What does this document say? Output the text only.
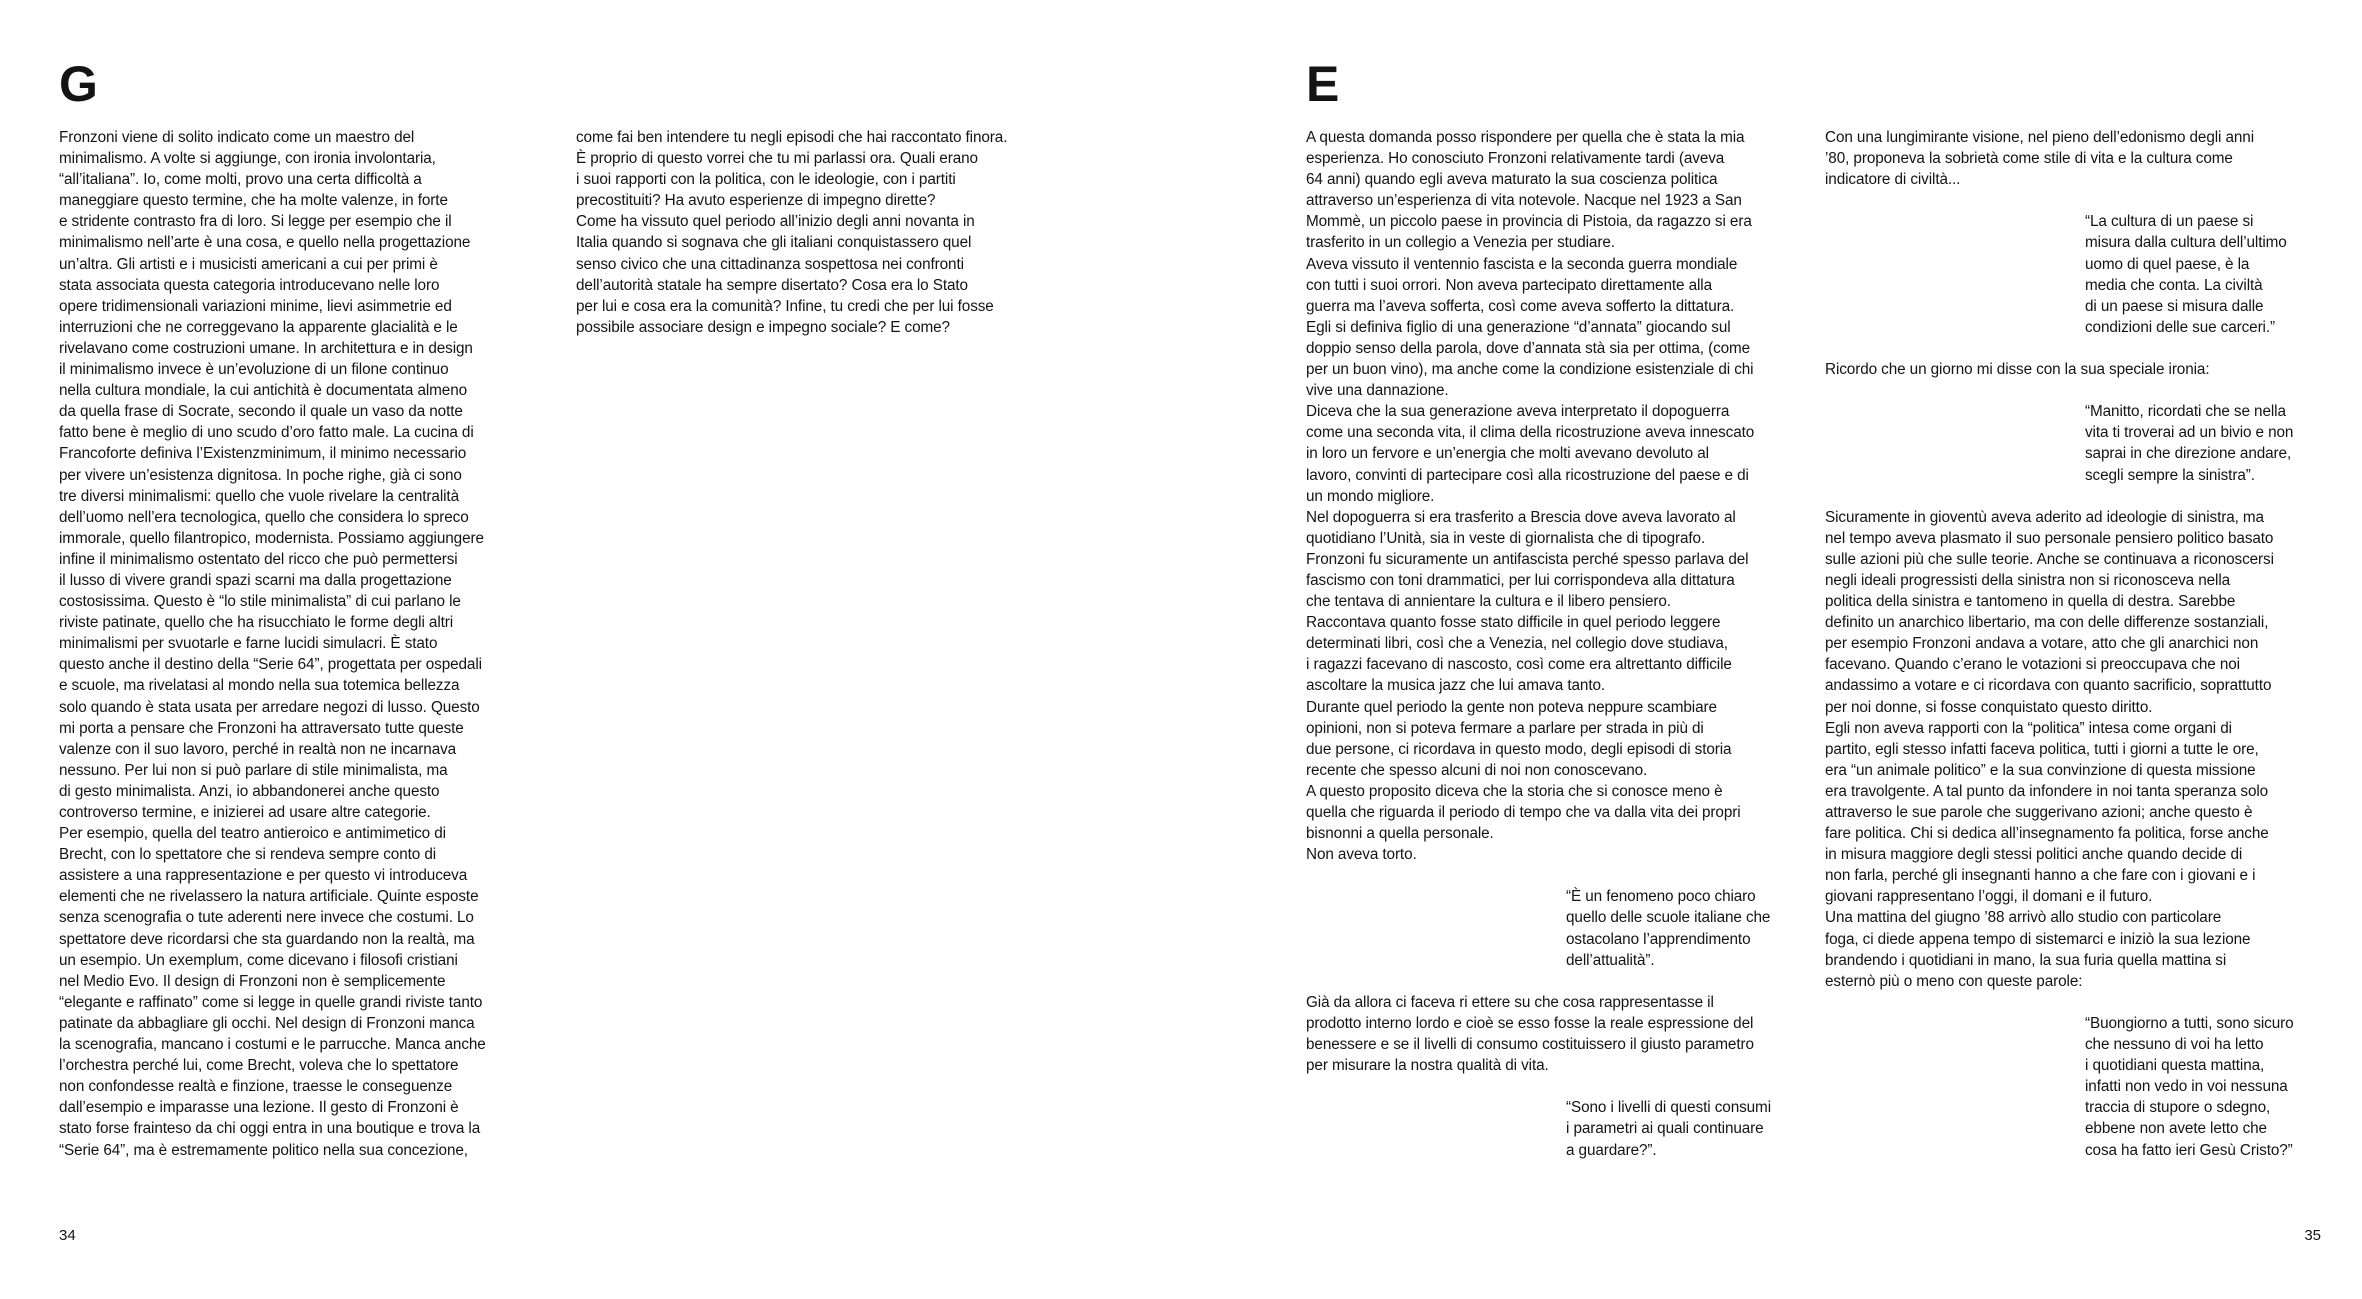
G

Fronzoni viene di solito indicato come un maestro del
minimalismo. A volte si aggiunge, con ironia involontaria,
“all’italiana”. Io, come molti, provo una certa difficoltà a
maneggiare questo termine, che ha molte valenze, in forte
e stridente contrasto fra di loro. Si legge per esempio che il
minimalismo nell’arte è una cosa, e quello nella progettazione
un’altra. Gli artisti e i musicisti americani a cui per primi è
stata associata questa categoria introducevano nelle loro
opere tridimensionali variazioni minime, lievi asimmetrie ed
interruzioni che ne correggevano la apparente glacialità e le
rivelavano come costruzioni umane. In architettura e in design
il minimalismo invece è un’evoluzione di un filone continuo
nella cultura mondiale, la cui antichità è documentata almeno
da quella frase di Socrate, secondo il quale un vaso da notte
fatto bene è meglio di uno scudo d’oro fatto male. La cucina di
Francoforte definiva l’Existenzminimum, il minimo necessario
per vivere un’esistenza dignitosa. In poche righe, già ci sono
tre diversi minimalismi: quello che vuole rivelare la centralità
dell’uomo nell’era tecnologica, quello che considera lo spreco
immorale, quello filantropico, modernista. Possiamo aggiungere
infine il minimalismo ostentato del ricco che può permettersi
il lusso di vivere grandi spazi scarni ma dalla progettazione
costosissima. Questo è “lo stile minimalista” di cui parlano le
riviste patinate, quello che ha risucchiato le forme degli altri
minimalismi per svuotarle e farne lucidi simulacri. È stato
questo anche il destino della “Serie 64”, progettata per ospedali
e scuole, ma rivelatasi al mondo nella sua totemica bellezza
solo quando è stata usata per arredare negozi di lusso. Questo
mi porta a pensare che Fronzoni ha attraversato tutte queste
valenze con il suo lavoro, perché in realtà non ne incarnava
nessuno. Per lui non si può parlare di stile minimalista, ma
di gesto minimalista. Anzi, io abbandonerei anche questo
controverso termine, e inizierei ad usare altre categorie.
Per esempio, quella del teatro antieroico e antimimetico di
Brecht, con lo spettatore che si rendeva sempre conto di
assistere a una rappresentazione e per questo vi introduceva
elementi che ne rivelassero la natura artificiale. Quinte esposte
senza scenografia o tute aderenti nere invece che costumi. Lo
spettatore deve ricordarsi che sta guardando non la realtà, ma
un esempio. Un exemplum, come dicevano i filosofi cristiani
nel Medio Evo. Il design di Fronzoni non è semplicemente
“elegante e raffinato” come si legge in quelle grandi riviste tanto
patinate da abbagliare gli occhi. Nel design di Fronzoni manca
la scenografia, mancano i costumi e le parrucche. Manca anche
l’orchestra perché lui, come Brecht, voleva che lo spettatore
non confondesse realtà e finzione, traesse le conseguenze
dall’esempio e imparasse una lezione. Il gesto di Fronzoni è
stato forse frainteso da chi oggi entra in una boutique e trova la
“Serie 64”, ma è estremamente politico nella sua concezione,

come fai ben intendere tu negli episodi che hai raccontato finora.
È proprio di questo vorrei che tu mi parlassi ora. Quali erano
i suoi rapporti con la politica, con le ideologie, con i partiti
precostituiti? Ha avuto esperienze di impegno dirette?
Come ha vissuto quel periodo all’inizio degli anni novanta in
Italia quando si sognava che gli italiani conquistassero quel
senso civico che una cittadinanza sospettosa nei confronti
dell’autorità statale ha sempre disertato? Cosa era lo Stato
per lui e cosa era la comunità? Infine, tu credi che per lui fosse
possibile associare design e impegno sociale? E come?

34
E

A questa domanda posso rispondere per quella che è stata la mia
esperienza. Ho conosciuto Fronzoni relativamente tardi (aveva
64 anni) quando egli aveva maturato la sua coscienza politica
attraverso un’esperienza di vita notevole. Nacque nel 1923 a San
Mommè, un piccolo paese in provincia di Pistoia, da ragazzo si era
trasferito in un collegio a Venezia per studiare.
Aveva vissuto il ventennio fascista e la seconda guerra mondiale
con tutti i suoi orrori. Non aveva partecipato direttamente alla
guerra ma l’aveva sofferta, così come aveva sofferto la dittatura.
Egli si definiva figlio di una generazione “d’annata” giocando sul
doppio senso della parola, dove d’annata stà sia per ottima, (come
per un buon vino), ma anche come la condizione esistenziale di chi
vive una dannazione.
Diceva che la sua generazione aveva interpretato il dopoguerra
come una seconda vita, il clima della ricostruzione aveva innescato
in loro un fervore e un’energia che molti avevano devoluto al
lavoro, convinti di partecipare così alla ricostruzione del paese e di
un mondo migliore.
Nel dopoguerra si era trasferito a Brescia dove aveva lavorato al
quotidiano l’Unità, sia in veste di giornalista che di tipografo.
Fronzoni fu sicuramente un antifascista perché spesso parlava del
fascismo con toni drammatici, per lui corrispondeva alla dittatura
che tentava di annientare la cultura e il libero pensiero.
Raccontava quanto fosse stato difficile in quel periodo leggere
determinati libri, così che a Venezia, nel collegio dove studiava,
i ragazzi facevano di nascosto, così come era altrettanto difficile
ascoltare la musica jazz che lui amava tanto.
Durante quel periodo la gente non poteva neppure scambiare
opinioni, non si poteva fermare a parlare per strada in più di
due persone, ci ricordava in questo modo, degli episodi di storia
recente che spesso alcuni di noi non conoscevano.
A questo proposito diceva che la storia che si conosce meno è
quella che riguarda il periodo di tempo che va dalla vita dei propri
bisnonni a quella personale.
Non aveva torto.

“È un fenomeno poco chiaro
quello delle scuole italiane che
ostacolano l’apprendimento
dell’attualità”.

Già da allora ci faceva ri ettere su che cosa rappresentasse il
prodotto interno lordo e cioè se esso fosse la reale espressione del
benessere e se il livelli di consumo costituissero il giusto parametro
per misurare la nostra qualità di vita.

“Sono i livelli di questi consumi
i parametri ai quali continuare
a guardare?”.

Con una lungimirante visione, nel pieno dell’edonismo degli anni
’80, proponeva la sobrietà come stile di vita e la cultura come
indicatore di civiltà...

“La cultura di un paese si
misura dalla cultura dell’ultimo
uomo di quel paese, è la
media che conta. La civiltà
di un paese si misura dalle
condizioni delle sue carceri.”

Ricordo che un giorno mi disse con la sua speciale ironia:

“Manitto, ricordati che se nella
vita ti troverai ad un bivio e non
saprai in che direzione andare,
scegli sempre la sinistra”.

Sicuramente in gioventù aveva aderito ad ideologie di sinistra, ma
nel tempo aveva plasmato il suo personale pensiero politico basato
sulle azioni più che sulle teorie. Anche se continuava a riconoscersi
negli ideali progressisti della sinistra non si riconosceva nella
politica della sinistra e tantomeno in quella di destra. Sarebbe
definito un anarchico libertario, ma con delle differenze sostanziali,
per esempio Fronzoni andava a votare, atto che gli anarchici non
facevano. Quando c’erano le votazioni si preoccupava che noi
andassimo a votare e ci ricordava con quanto sacrificio, soprattutto
per noi donne, si fosse conquistato questo diritto.
Egli non aveva rapporti con la “politica” intesa come organi di
partito, egli stesso infatti faceva politica, tutti i giorni a tutte le ore,
era “un animale politico” e la sua convinzione di questa missione
era travolgente. A tal punto da infondere in noi tanta speranza solo
attraverso le sue parole che suggerivano azioni; anche questo è
fare politica. Chi si dedica all’insegnamento fa politica, forse anche
in misura maggiore degli stessi politici anche quando decide di
non farla, perché gli insegnanti hanno a che fare con i giovani e i
giovani rappresentano l’oggi, il domani e il futuro.
Una mattina del giugno ’88 arrivò allo studio con particolare
foga, ci diede appena tempo di sistemarci e iniziò la sua lezione
brandendo i quotidiani in mano, la sua furia quella mattina si
esternò più o meno con queste parole:

“Buongiorno a tutti, sono sicuro
che nessuno di voi ha letto
i quotidiani questa mattina,
infatti non vedo in voi nessuna
traccia di stupore o sdegno,
ebbene non avete letto che
cosa ha fatto ieri Gesù Cristo?”

35
